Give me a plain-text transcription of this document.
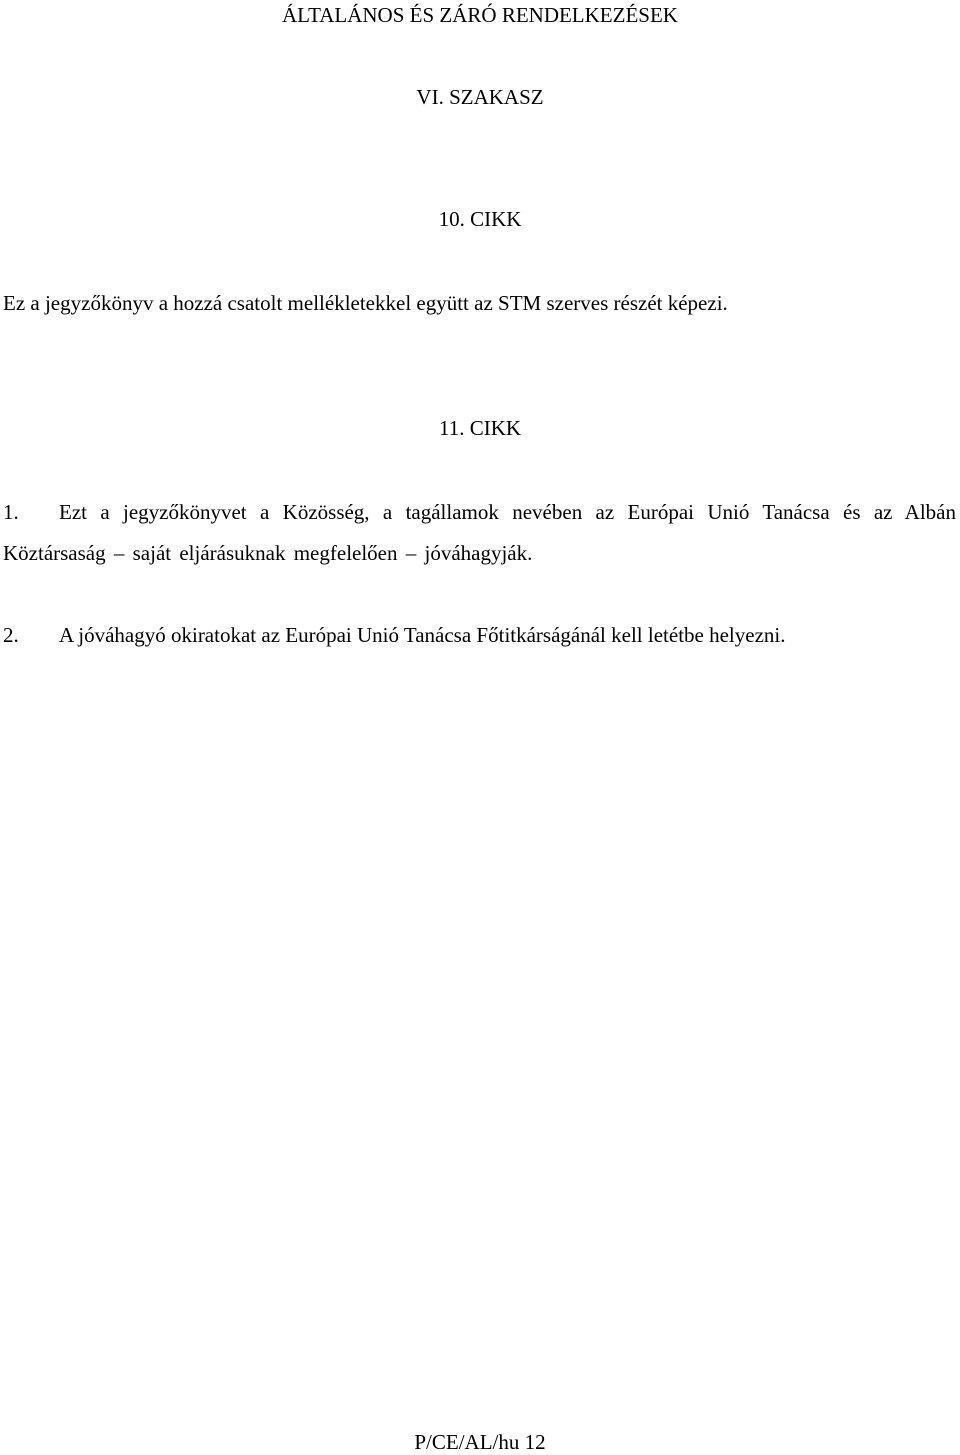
ÁLTALÁNOS ÉS ZÁRÓ RENDELKEZÉSEK
VI. SZAKASZ
10. CIKK
Ez a jegyzőkönyv a hozzá csatolt mellékletekkel együtt az STM szerves részét képezi.
11. CIKK
1.	Ezt a jegyzőkönyvet a Közösség, a tagállamok nevében az Európai Unió Tanácsa és az Albán
Köztársaság – saját eljárásuknak megfelelően – jóváhagyják.
2. A jóváhagyó okiratokat az Európai Unió Tanácsa Főtitkárságánál kell letétbe helyezni.
P/CE/AL/hu 12
